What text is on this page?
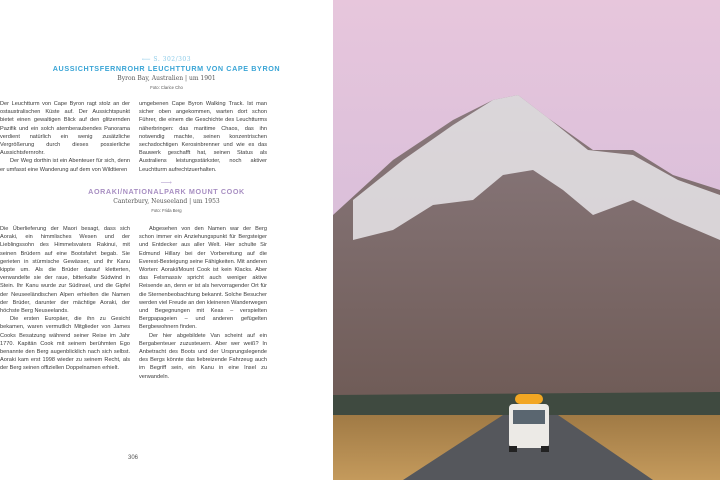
⟵ S. 302/303
AUSSICHTSFERNROHR LEUCHTTURM VON CAPE BYRON
Byron Bay, Australien | um 1901
Foto: Clarice Cho

Der Leuchtturm von Cape Byron ragt stolz an der ostaustralischen Küste auf. Der Aussichtspunkt bietet einen gewaltigen Blick auf den glitzernden Pazifik und ein solch atemberaubendes Panorama verdient natürlich ein wenig zusätzliche Vergrößerung durch dieses possierliche Aussichtsfernrohr.

Der Weg dorthin ist ein Abenteuer für sich, denn er umfasst eine Wanderung auf dem von Wildtieren

umgebenen Cape Byron Walking Track. Ist man sicher oben angekommen, warten dort schon Führer, die einem die Geschichte des Leuchtturms näherbringen: das maritime Chaos, das ihn notwendig machte, seinen konzentrischen sechsdochtigen Kerosinbrenner und wie es das Bauwerk geschafft hat, seinen Status als Australiens leistungsstärkster, noch aktiver Leuchtturm aufrechtzuerhalten.

⟶
AORAKI/NATIONALPARK MOUNT COOK
Canterbury, Neuseeland | um 1953
Foto: Frida Berg

Die Überlieferung der Maori besagt, dass sich Aoraki, ein himmlisches Wesen und der Lieblingssohn des Himmelsvaters Rakinui, mit seinen Brüdern auf eine Bootsfahrt begab. Sie gerieten in stürmische Gewässer, und ihr Kanu kippte um. Als die Brüder darauf kletterten, verwandelte sie der raue, bitterkalte Südwind in Stein. Ihr Kanu wurde zur Südinsel, und die Gipfel der Neuseeländischen Alpen erhielten die Namen der Brüder, darunter der mächtige Aoraki, der höchste Berg Neuseelands.

Die ersten Europäer, die ihn zu Gesicht bekamen, waren vermutlich Mitglieder von James Cooks Besatzung während seiner Reise im Jahr 1770. Kapitän Cook mit seinem berühmten Ego benannte den Berg augenblicklich nach sich selbst. Aoraki kam erst 1998 wieder zu seinem Recht, als der Berg seinen offiziellen Doppelnamen erhielt.

Abgesehen von den Namen war der Berg schon immer ein Anziehungspunkt für Bergsteiger und Entdecker aus aller Welt. Hier schulte Sir Edmund Hillary bei der Vorbereitung auf die Everest-Besteigung seine Fähigkeiten. Mit anderen Worten: Aoraki/Mount Cook ist kein Klacks. Aber das Felsmassiv spricht auch weniger aktive Reisende an, denn er ist als hervorragender Ort für die Sternenbeobachtung bekannt. Solche Besucher werden viel Freude an den kleineren Wanderwegen und Begegnungen mit Keas – verspielten Bergpapageien – und anderen gefügelten Bergbewohnern finden.

Der hier abgebildete Van scheint auf ein Bergabenteuer zuzusteuern. Aber wer weiß? In Anbetracht des Boots und der Ursprungslegende des Bergs könnte das liebreizende Fahrzeug auch im Begriff sein, ein Kanu in eine Insel zu verwandeln.

306
